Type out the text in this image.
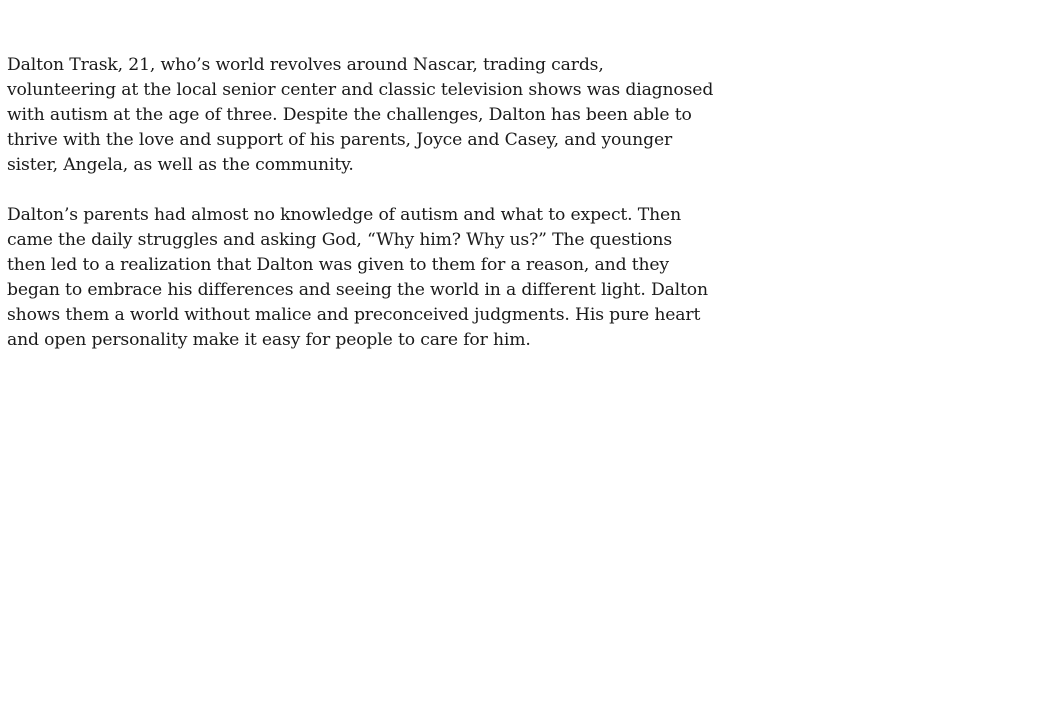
Dalton Trask, 21, who’s world revolves around Nascar, trading cards,
volunteering at the local senior center and classic television shows was diagnosed
with autism at the age of three. Despite the challenges, Dalton has been able to
thrive with the love and support of his parents, Joyce and Casey, and younger
sister, Angela, as well as the community.

Dalton’s parents had almost no knowledge of autism and what to expect. Then
came the daily struggles and asking God, “Why him? Why us?” The questions
then led to a realization that Dalton was given to them for a reason, and they
began to embrace his differences and seeing the world in a different light. Dalton
shows them a world without malice and preconceived judgments. His pure heart
and open personality make it easy for people to care for him.
